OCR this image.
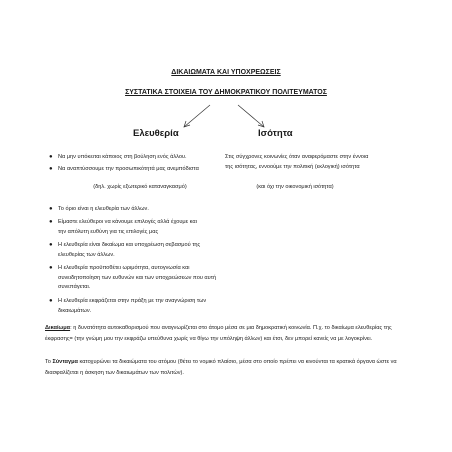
ΔΙΚΑΙΩΜΑΤΑ ΚΑΙ ΥΠΟΧΡΕΩΣΕΙΣ
ΣΥΣΤΑΤΙΚΑ ΣΤΟΙΧΕΙΑ ΤΟΥ ΔΗΜΟΚΡΑΤΙΚΟΥ ΠΟΛΙΤΕΥΜΑΤΟΣ
Ελευθερία	Ισότητα
● Να μην υπόκειται κάποιος στη βούληση ενός άλλου.
● Να αναπτύσσουμε την προσωπικότητά μας ανεμπόδιστα
(δηλ. χωρίς εξωτερικό καταναγκασμό)
Στις σύγχρονες κοινωνίες όταν αναφερόμαστε στην έννοια
της ισότητας, εννοούμε την πολιτική (εκλογική) ισότητα
(και όχι την οικονομική ισότητα)
● Το όριο είναι η ελευθερία των άλλων.
● Είμαστε ελεύθεροι να κάνουμε επιλογές αλλά έχουμε και
την απόλυτη ευθύνη για τις επιλογές μας
● Η ελευθερία είναι δικαίωμα και υποχρέωση σεβασμού της
ελευθερίας των άλλων.
● Η ελευθερία προϋποθέτει ωριμότητα, αυτογνωσία και
συνειδητοποίηση των ευθυνών και των υποχρεώσεων που αυτή
συνεπάγεται.
● Η ελευθερία εκφράζεται στην πράξη με την αναγνώριση των
δικαιωμάτων.
Δικαίωμα: η δυνατότητα αυτοκαθορισμού που αναγνωρίζεται στο άτομο μέσα σε μια δημοκρατική κοινωνία. Π.χ. το δικαίωμα ελευθερίας της
έκφρασης= (την γνώμη μου την εκφράζω υπεύθυνα χωρίς να θίγω την υπόληψη άλλων) και έτσι, δεν μπορεί κανείς να με λογοκρίνει.
Το Σύνταγμα κατοχυρώνει τα δικαιώματα του ατόμου (θέτει το νομικό πλαίσιο, μέσα στο οποίο πρέπει να κινούνται τα κρατικά όργανα ώστε να
διασφαλίζεται η άσκηση των δικαιωμάτων των πολιτών).
